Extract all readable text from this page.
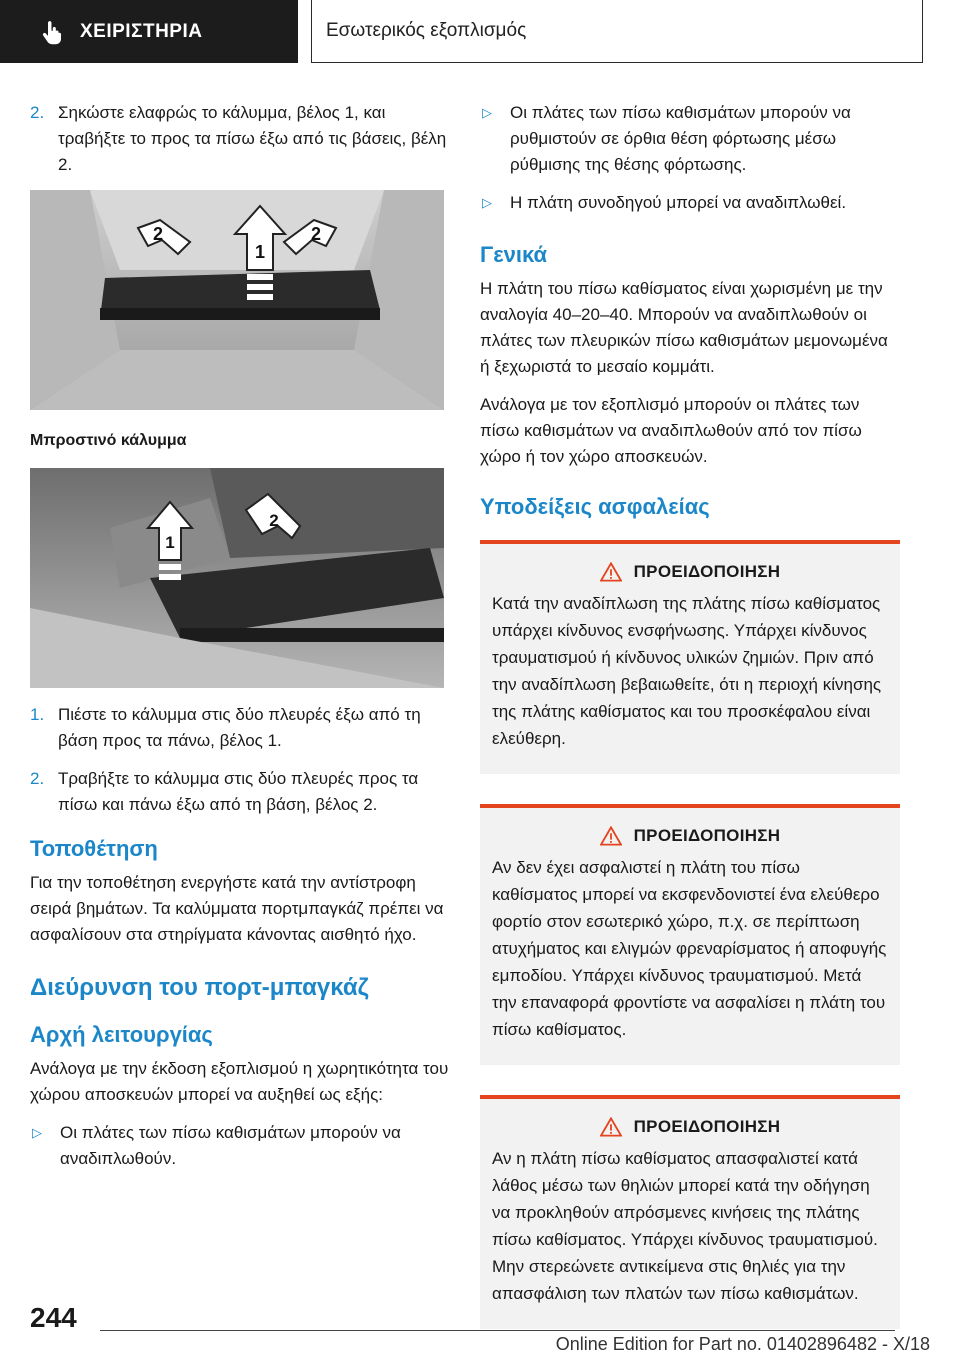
ΧΕΙΡΙΣΤΗΡΙΑ	Εσωτερικός εξοπλισμός
2. Σηκώστε ελαφρώς το κάλυμμα, βέλος 1, και τραβήξτε το προς τα πίσω έξω από τις βάσεις, βέλη 2.
1
2	2
Μπροστινό κάλυμμα
1
2
1. Πιέστε το κάλυμμα στις δύο πλευρές έξω από τη βάση προς τα πάνω, βέλος 1.
2. Τραβήξτε το κάλυμμα στις δύο πλευρές προς τα πίσω και πάνω έξω από τη βάση, βέλος 2.
Τοποθέτηση

Για την τοποθέτηση ενεργήστε κατά την αντίστροφη σειρά βημάτων. Τα καλύμματα πορτμπαγκάζ πρέπει να ασφαλίσουν στα στηρίγματα κάνοντας αισθητό ήχο.

Διεύρυνση του πορτ-μπαγκάζ
Αρχή λειτουργίας

Ανάλογα με την έκδοση εξοπλισμού η χωρητικότητα του χώρου αποσκευών μπορεί να αυξηθεί ως εξής:

▷	Οι πλάτες των πίσω καθισμάτων μπορούν να αναδιπλωθούν.
▷	Οι πλάτες των πίσω καθισμάτων μπορούν να ρυθμιστούν σε όρθια θέση φόρτωσης μέσω ρύθμισης της θέσης φόρτωσης.
▷	Η πλάτη συνοδηγού μπορεί να αναδιπλωθεί.
Γενικά

Η πλάτη του πίσω καθίσματος είναι χωρισμένη με την αναλογία 40–20–40. Μπορούν να αναδιπλωθούν οι πλάτες των πλευρικών πίσω καθισμάτων μεμονωμένα ή ξεχωριστά το μεσαίο κομμάτι.

Ανάλογα με τον εξοπλισμό μπορούν οι πλάτες των πίσω καθισμάτων να αναδιπλωθούν από τον πίσω χώρο ή τον χώρο αποσκευών.

Υποδείξεις ασφαλείας
ΠΡΟΕΙΔΟΠΟΙΗΣΗ
Κατά την αναδίπλωση της πλάτης πίσω καθίσματος υπάρχει κίνδυνος ενσφήνωσης. Υπάρχει κίνδυνος τραυματισμού ή κίνδυνος υλικών ζημιών. Πριν από την αναδίπλωση βεβαιωθείτε, ότι η περιοχή κίνησης της πλάτης καθίσματος και του προσκέφαλου είναι ελεύθερη.
ΠΡΟΕΙΔΟΠΟΙΗΣΗ
Αν δεν έχει ασφαλιστεί η πλάτη του πίσω καθίσματος μπορεί να εκσφενδονιστεί ένα ελεύθερο φορτίο στον εσωτερικό χώρο, π.χ. σε περίπτωση ατυχήματος και ελιγμών φρεναρίσματος ή αποφυγής εμποδίου. Υπάρχει κίνδυνος τραυματισμού. Μετά την επαναφορά φροντίστε να ασφαλίσει η πλάτη του πίσω καθίσματος.
ΠΡΟΕΙΔΟΠΟΙΗΣΗ
Αν η πλάτη πίσω καθίσματος απασφαλιστεί κατά λάθος μέσω των θηλιών μπορεί κατά την οδήγηση να προκληθούν απρόσμενες κινήσεις της πλάτης πίσω καθίσματος. Υπάρχει κίνδυνος τραυματισμού. Μην στερεώνετε αντικείμενα στις θηλιές για την απασφάλιση των πλατών των πίσω καθισμάτων.
244
Online Edition for Part no. 01402896482 - X/18
